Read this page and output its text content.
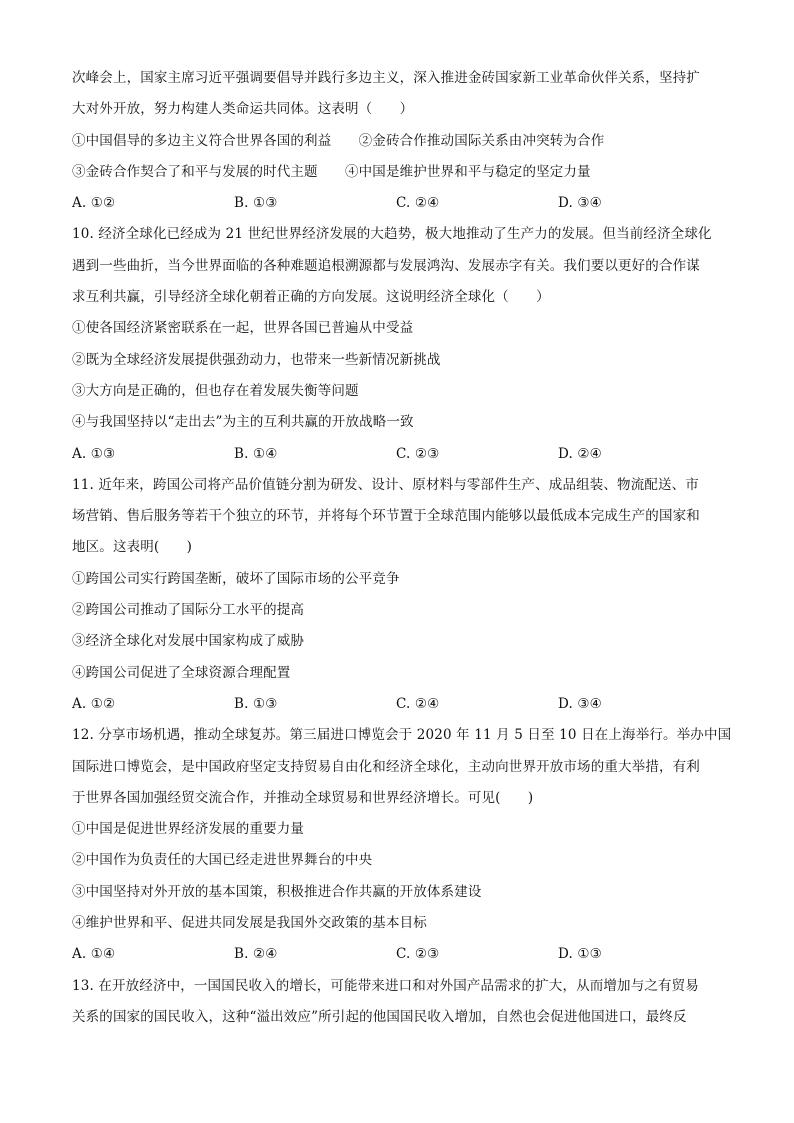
次峰会上，国家主席习近平强调要倡导并践行多边主义，深入推进金砖国家新工业革命伙伴关系，坚持扩
大对外开放，努力构建人类命运共同体。这表明（　　）
①中国倡导的多边主义符合世界各国的利益　　②金砖合作推动国际关系由冲突转为合作
③金砖合作契合了和平与发展的时代主题　　④中国是维护世界和平与稳定的坚定力量
A. ①②	B. ①③	C. ②④	D. ③④
10. 经济全球化已经成为 21 世纪世界经济发展的大趋势，极大地推动了生产力的发展。但当前经济全球化
遇到一些曲折，当今世界面临的各种难题追根溯源都与发展鸿沟、发展赤字有关。我们要以更好的合作谋
求互利共赢，引导经济全球化朝着正确的方向发展。这说明经济全球化（　　）
①使各国经济紧密联系在一起，世界各国已普遍从中受益
②既为全球经济发展提供强劲动力，也带来一些新情况新挑战
③大方向是正确的，但也存在着发展失衡等问题
④与我国坚持以“走出去”为主的互利共赢的开放战略一致
A. ①③	B. ①④	C. ②③	D. ②④
11. 近年来，跨国公司将产品价值链分割为研发、设计、原材料与零部件生产、成品组装、物流配送、市
场营销、售后服务等若干个独立的环节，并将每个环节置于全球范围内能够以最低成本完成生产的国家和
地区。这表明(　　)
①跨国公司实行跨国垄断，破坏了国际市场的公平竞争
②跨国公司推动了国际分工水平的提高
③经济全球化对发展中国家构成了威胁
④跨国公司促进了全球资源合理配置
A. ①②	B. ①③	C. ②④	D. ③④
12. 分享市场机遇，推动全球复苏。第三届进口博览会于 2020 年 11 月 5 日至 10 日在上海举行。举办中国
国际进口博览会，是中国政府坚定支持贸易自由化和经济全球化，主动向世界开放市场的重大举措，有利
于世界各国加强经贸交流合作，并推动全球贸易和世界经济增长。可见(　　)
①中国是促进世界经济发展的重要力量
②中国作为负责任的大国已经走进世界舞台的中央
③中国坚持对外开放的基本国策，积极推进合作共赢的开放体系建设
④维护世界和平、促进共同发展是我国外交政策的基本目标
A. ①④	B. ②④	C. ②③	D. ①③
13. 在开放经济中，一国国民收入的增长，可能带来进口和对外国产品需求的扩大，从而增加与之有贸易
关系的国家的国民收入，这种“溢出效应”所引起的他国国民收入增加，自然也会促进他国进口，最终反
